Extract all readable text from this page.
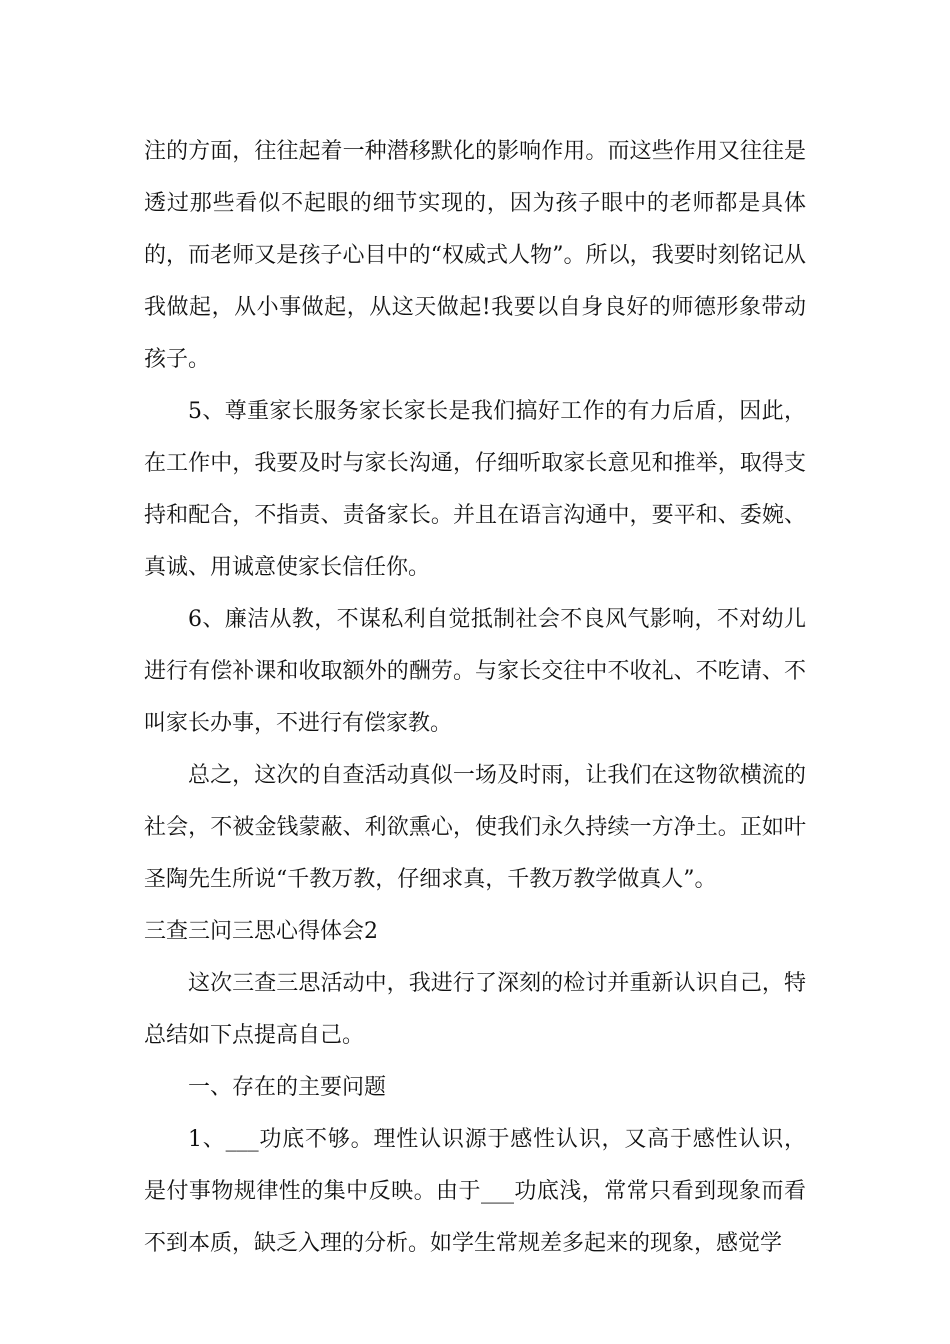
注的方面，往往起着一种潜移默化的影响作用。而这些作用又往往是透过那些看似不起眼的细节实现的，因为孩子眼中的老师都是具体的，而老师又是孩子心目中的“权威式人物”。所以，我要时刻铭记从我做起，从小事做起，从这天做起!我要以自身良好的师德形象带动孩子。

5、尊重家长服务家长家长是我们搞好工作的有力后盾，因此，在工作中，我要及时与家长沟通，仔细听取家长意见和推举，取得支持和配合，不指责、责备家长。并且在语言沟通中，要平和、委婉、真诚、用诚意使家长信任你。

6、廉洁从教，不谋私利自觉抵制社会不良风气影响，不对幼儿进行有偿补课和收取额外的酬劳。与家长交往中不收礼、不吃请、不叫家长办事，不进行有偿家教。

总之，这次的自查活动真似一场及时雨，让我们在这物欲横流的社会，不被金钱蒙蔽、利欲熏心，使我们永久持续一方净土。正如叶圣陶先生所说“千教万教，仔细求真，千教万教学做真人”。

三查三问三思心得体会2

这次三查三思活动中，我进行了深刻的检讨并重新认识自己，特总结如下点提高自己。

一、存在的主要问题

1、___功底不够。理性认识源于感性认识，又高于感性认识，是付事物规律性的集中反映。由于___功底浅，常常只看到现象而看不到本质，缺乏入理的分析。如学生常规差多起来的现象，感觉学
